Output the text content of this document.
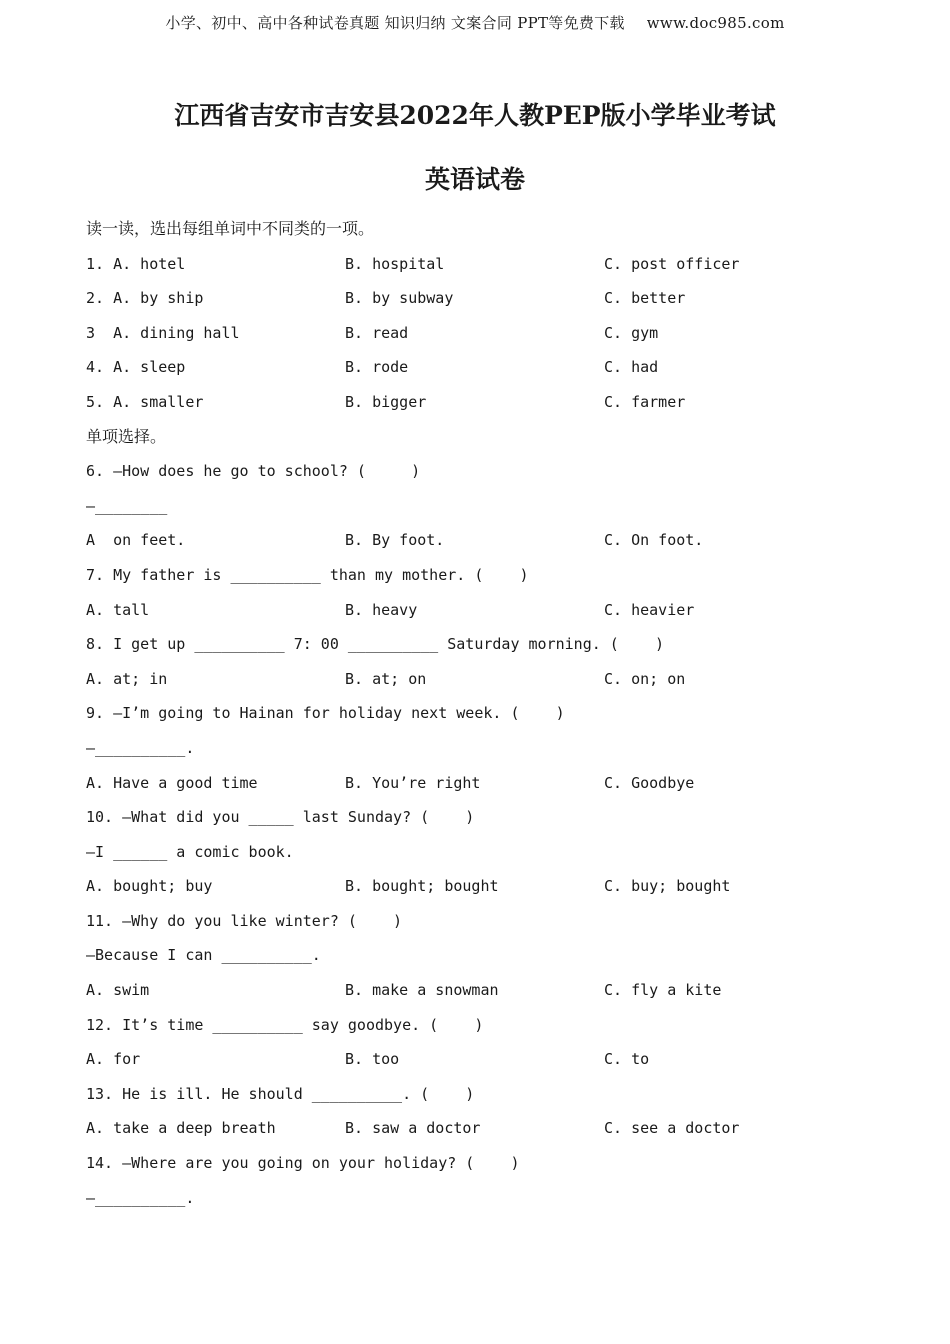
小学、初中、高中各种试卷真题 知识归纳 文案合同 PPT等免费下载 www.doc985.com
江西省吉安市吉安县2022年人教PEP版小学毕业考试
英语试卷
读一读，选出每组单词中不同类的一项。
1. A. hotel	B. hospital	C. post officer
2. A. by ship	B. by subway	C. better
3  A. dining hall	B. read	C. gym
4. A. sleep	B. rode	C. had
5. A. smaller	B. bigger	C. farmer
单项选择。
6. —How does he go to school? (     )
—________
A  on feet.	B. By foot.	C. On foot.
7. My father is __________ than my mother. (    )
A. tall	B. heavy	C. heavier
8. I get up __________ 7: 00 __________ Saturday morning. (    )
A. at; in	B. at; on	C. on; on
9. —I’m going to Hainan for holiday next week. (    )
—__________.
A. Have a good time	B. You’re right	C. Goodbye
10. —What did you _____ last Sunday? (    )
—I ______ a comic book.
A. bought; buy	B. bought; bought	C. buy; bought
11. —Why do you like winter? (    )
—Because I can __________.
A. swim	B. make a snowman	C. fly a kite
12. It’s time __________ say goodbye. (    )
A. for	B. too	C. to
13. He is ill. He should __________. (    )
A. take a deep breath	B. saw a doctor	C. see a doctor
14. —Where are you going on your holiday? (    )
—__________.
